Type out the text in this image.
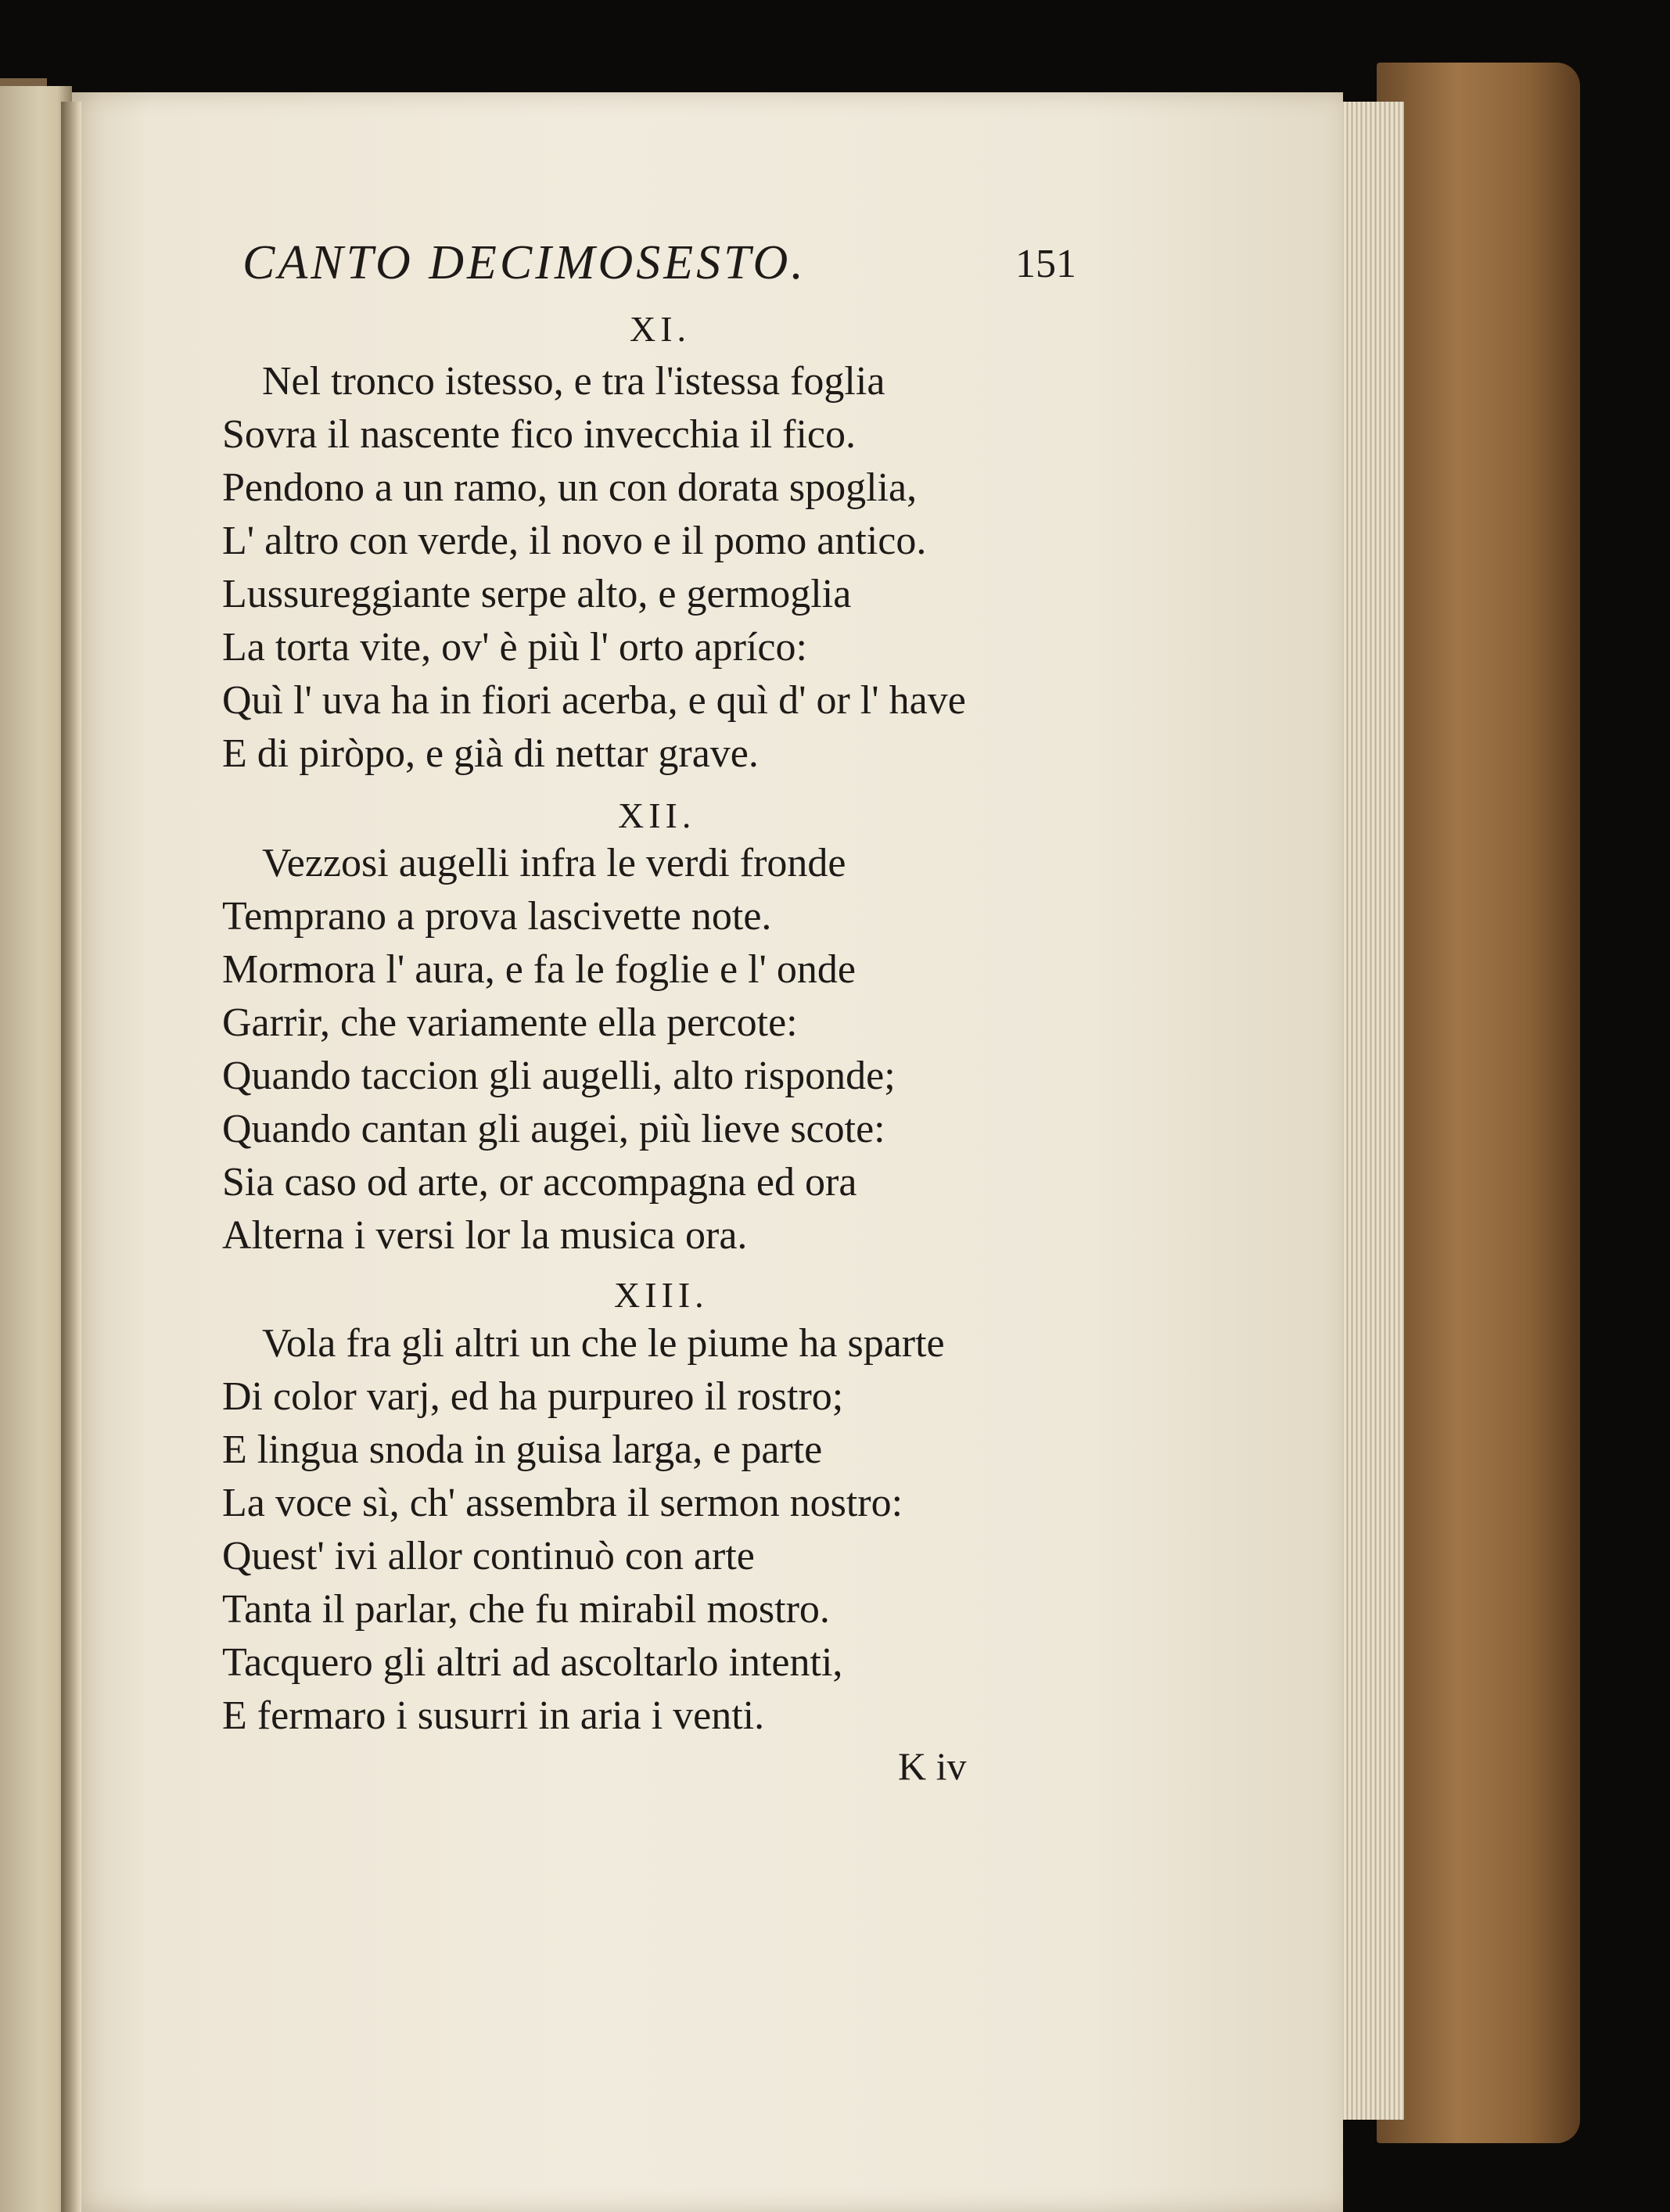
CANTO DECIMOSESTO.	151
XI.
Nel tronco istesso, e tra l'istessa foglia
Sovra il nascente fico invecchia il fico.
Pendono a un ramo, un con dorata spoglia,
L' altro con verde, il novo e il pomo antico.
Lussureggiante serpe alto, e germoglia
La torta vite, ov' è più l' orto apríco:
Quì l' uva ha in fiori acerba, e quì d' or l' have
E di piròpo, e già di nettar grave.
XII.
Vezzosi augelli infra le verdi fronde
Temprano a prova lascivette note.
Mormora l' aura, e fa le foglie e l' onde
Garrir, che variamente ella percote:
Quando taccion gli augelli, alto risponde;
Quando cantan gli augei, più lieve scote:
Sia caso od arte, or accompagna ed ora
Alterna i versi lor la musica ora.
XIII.
Vola fra gli altri un che le piume ha sparte
Di color varj, ed ha purpureo il rostro;
E lingua snoda in guisa larga, e parte
La voce sì, ch' assembra il sermon nostro:
Quest' ivi allor continuò con arte
Tanta il parlar, che fu mirabil mostro.
Tacquero gli altri ad ascoltarlo intenti,
E fermaro i susurri in aria i venti.
K iv
